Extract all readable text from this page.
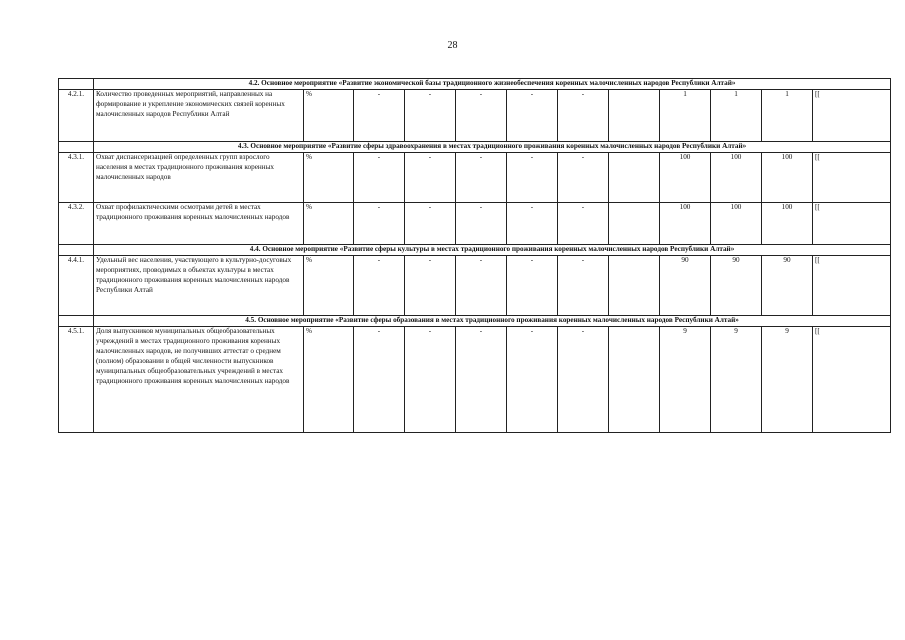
28
	4.2. Основное мероприятие «Развитие экономической базы традиционного жизнеобеспечения коренных малочисленных народов Республики Алтай»											
4.2.1.	Количество проведенных мероприятий, направленных на формирование и укрепление экономических связей коренных малочисленных народов Республики Алтай	%	-	-	-	-	-		1	1	1	[[
	4.3. Основное мероприятие «Развитие сферы здравоохранения в местах традиционного проживания коренных малочисленных народов Республики Алтай»											
4.3.1.	Охват диспансеризацией определенных групп взрослого населения в местах традиционного проживания коренных малочисленных народов	%	-	-	-	-	-		100	100	100	[[
4.3.2.	Охват профилактическими осмотрами детей в местах традиционного проживания коренных малочисленных народов	%	-	-	-	-	-		100	100	100	[[
	4.4. Основное мероприятие «Развитие сферы культуры в местах традиционного проживания коренных малочисленных народов Республики Алтай»											
4.4.1.	Удельный вес населения, участвующего в культурно-досуговых мероприятиях, проводимых в объектах культуры в местах традиционного проживания коренных малочисленных народов Республики Алтай	%	-	-	-	-	-		90	90	90	[[
	4.5. Основное мероприятие «Развитие сферы образования в местах традиционного проживания коренных малочисленных народов Республики Алтай»											
4.5.1.	Доля выпускников муниципальных общеобразовательных учреждений в местах традиционного проживания коренных малочисленных народов, не получивших аттестат о среднем (полном) образовании в общей численности выпускников муниципальных общеобразовательных учреждений в местах традиционного проживания коренных малочисленных народов	%	-	-	-	-	-		9	9	9	[[
